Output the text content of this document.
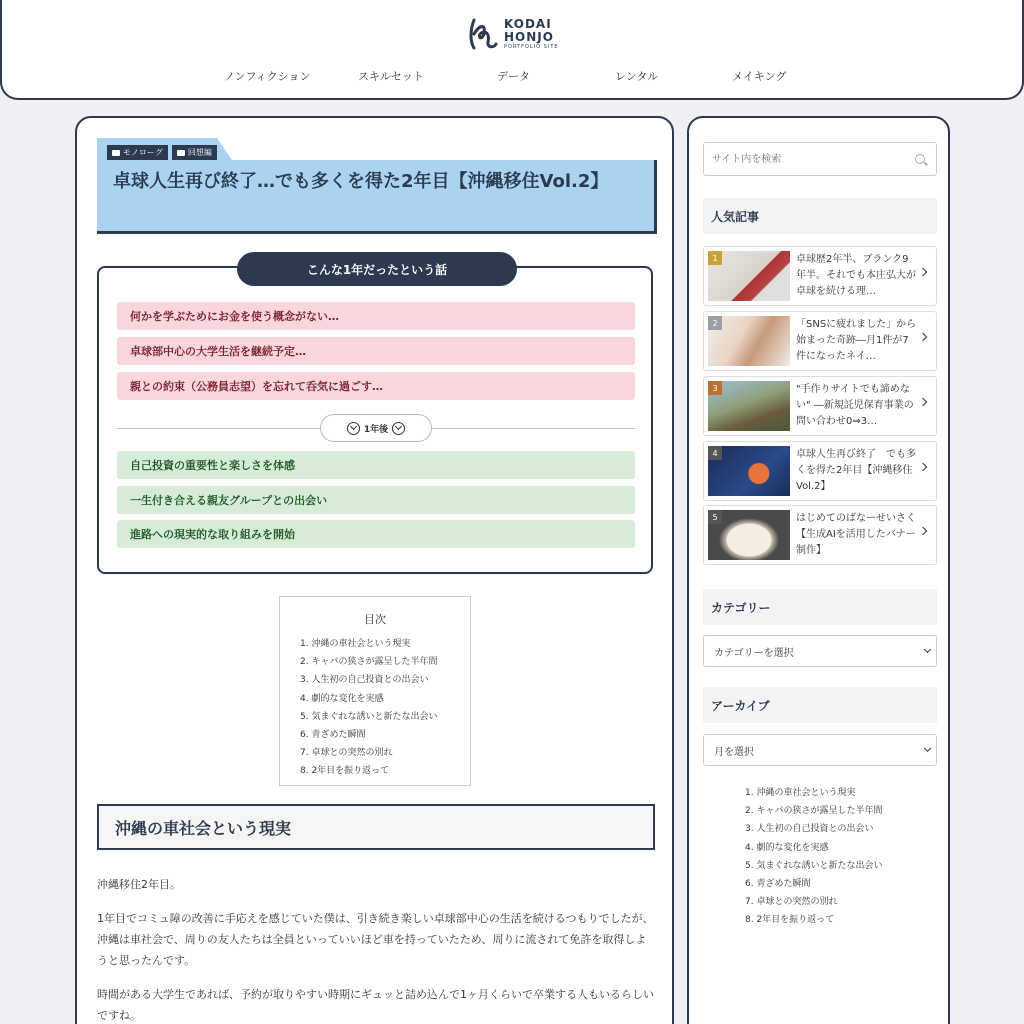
KODAI
HONJO
PORTFOLIO SITE
ノンフィクション	スキルセット	データ	レンタル	メイキング
モノローグ	回想編
卓球人生再び終了…でも多くを得た2年目【沖縄移住Vol.2】
こんな1年だったという話
何かを学ぶためにお金を使う概念がない…
卓球部中心の大学生活を継続予定…
親との約束（公務員志望）を忘れて呑気に過ごす…
1年後
自己投資の重要性と楽しさを体感
一生付き合える親友グループとの出会い
進路への現実的な取り組みを開始
目次
1. 沖縄の車社会という現実
2. キャパの狭さが露呈した半年間
3. 人生初の自己投資との出会い
4. 劇的な変化を実感
5. 気まぐれな誘いと新たな出会い
6. 青ざめた瞬間
7. 卓球との突然の別れ
8. 2年目を振り返って
沖縄の車社会という現実

沖縄移住2年目。

1年目でコミュ障の改善に手応えを感じていた僕は、引き続き楽しい卓球部中心の生活を続けるつもりでしたが、沖縄は車社会で、周りの友人たちは全員といっていいほど車を持っていたため、周りに流されて免許を取得しようと思ったんです。

時間がある大学生であれば、予約が取りやすい時期にギュッと詰め込んで1ヶ月くらいで卒業する人もいるらしいですね。

サイト内を検索
人気記事
1	卓球歴2年半、ブランク9年半。それでも本庄弘大が卓球を続ける理…
2	「SNSに疲れました」から始まった奇跡―月1件が7件になったネイ…
3	"手作りサイトでも諦めない" ―新規託児保育事業の問い合わせ0⇒3…
4	卓球人生再び終了　でも多くを得た2年目【沖縄移住Vol.2】
5	はじめてのばなーせいさく【生成AIを活用したバナー制作】
カテゴリー
カテゴリーを選択
アーカイブ
月を選択
1. 沖縄の車社会という現実
2. キャパの狭さが露呈した半年間
3. 人生初の自己投資との出会い
4. 劇的な変化を実感
5. 気まぐれな誘いと新たな出会い
6. 青ざめた瞬間
7. 卓球との突然の別れ
8. 2年目を振り返って
